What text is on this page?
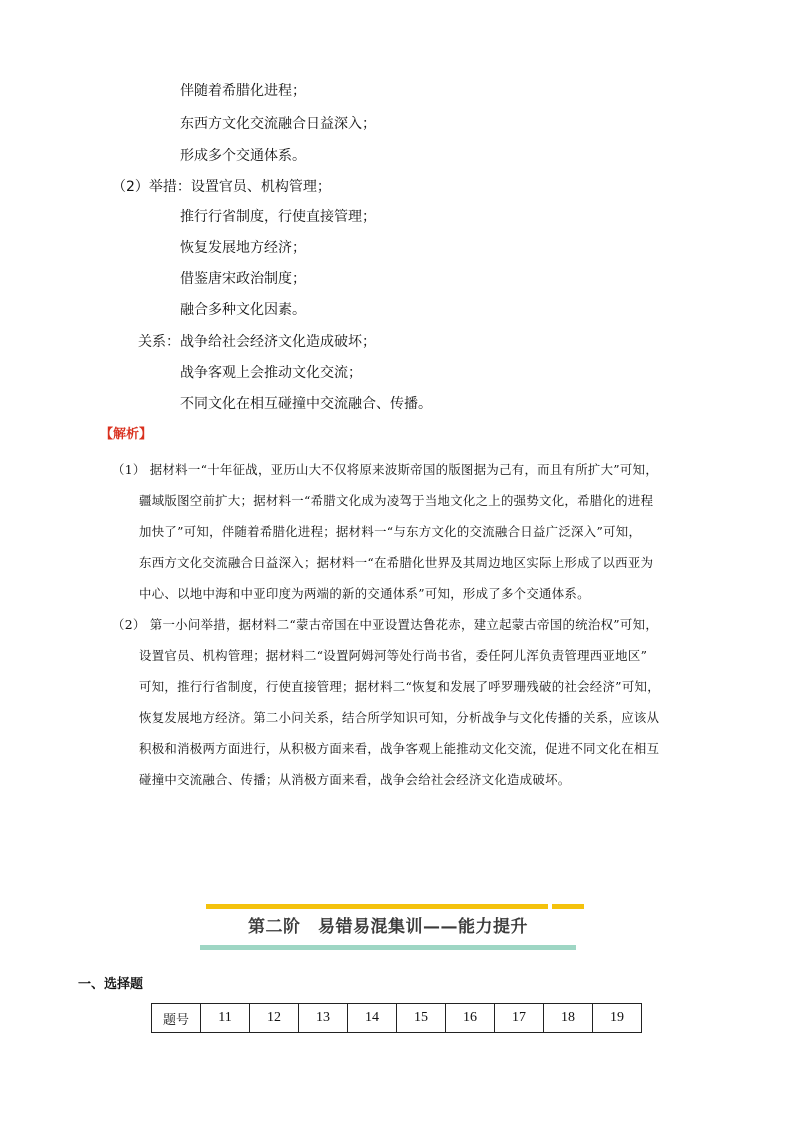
伴随着希腊化进程；
东西方文化交流融合日益深入；
形成多个交通体系。
（2）举措：设置官员、机构管理；
推行行省制度，行使直接管理；
恢复发展地方经济；
借鉴唐宋政治制度；
融合多种文化因素。
关系：战争给社会经济文化造成破坏；
战争客观上会推动文化交流；
不同文化在相互碰撞中交流融合、传播。
【解析】
（1） 据材料一“十年征战，亚历山大不仅将原来波斯帝国的版图据为己有，而且有所扩大”可知，
疆域版图空前扩大；据材料一“希腊文化成为凌驾于当地文化之上的强势文化，希腊化的进程
加快了”可知，伴随着希腊化进程；据材料一“与东方文化的交流融合日益广泛深入”可知，
东西方文化交流融合日益深入；据材料一“在希腊化世界及其周边地区实际上形成了以西亚为
中心、以地中海和中亚印度为两端的新的交通体系”可知，形成了多个交通体系。
（2） 第一小问举措，据材料二“蒙古帝国在中亚设置达鲁花赤，建立起蒙古帝国的统治权”可知，
设置官员、机构管理；据材料二“设置阿姆河等处行尚书省，委任阿儿浑负责管理西亚地区”
可知，推行行省制度，行使直接管理；据材料二“恢复和发展了呼罗珊残破的社会经济”可知，
恢复发展地方经济。第二小问关系，结合所学知识可知，分析战争与文化传播的关系，应该从
积极和消极两方面进行，从积极方面来看，战争客观上能推动文化交流，促进不同文化在相互
碰撞中交流融合、传播；从消极方面来看，战争会给社会经济文化造成破坏。
第二阶　易错易混集训——能力提升
一、选择题
题号	11	12	13	14	15	16	17	18	19
